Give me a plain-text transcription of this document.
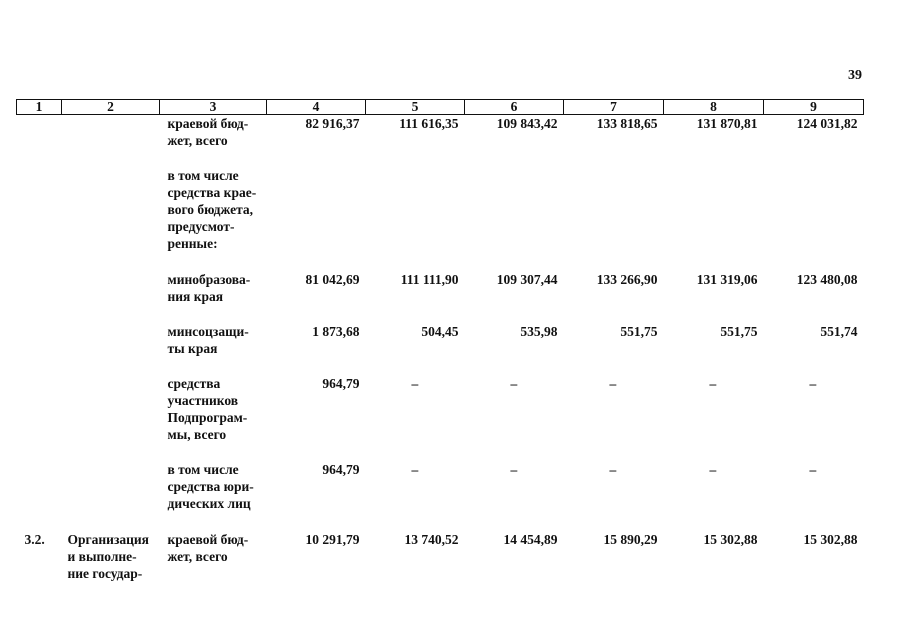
39
1	2	3	4	5	6	7	8	9
		краевой бюд-
жет, всего	82 916,37	111 616,35	109 843,42	133 818,65	131 870,81	124 031,82
		в том числе
средства крае-
вого бюджета,
предусмот-
ренные:						
		минобразова-
ния края	81 042,69	111 111,90	109 307,44	133 266,90	131 319,06	123 480,08
		минсоцзащи-
ты края	1 873,68	504,45	535,98	551,75	551,75	551,74
		средства
участников
Подпрограм-
мы, всего	964,79	–	–	–	–	–
		в том числе
средства юри-
дических лиц	964,79	–	–	–	–	–
3.2.	Организация
и выполне-
ние государ-	краевой бюд-
жет, всего	10 291,79	13 740,52	14 454,89	15 890,29	15 302,88	15 302,88
